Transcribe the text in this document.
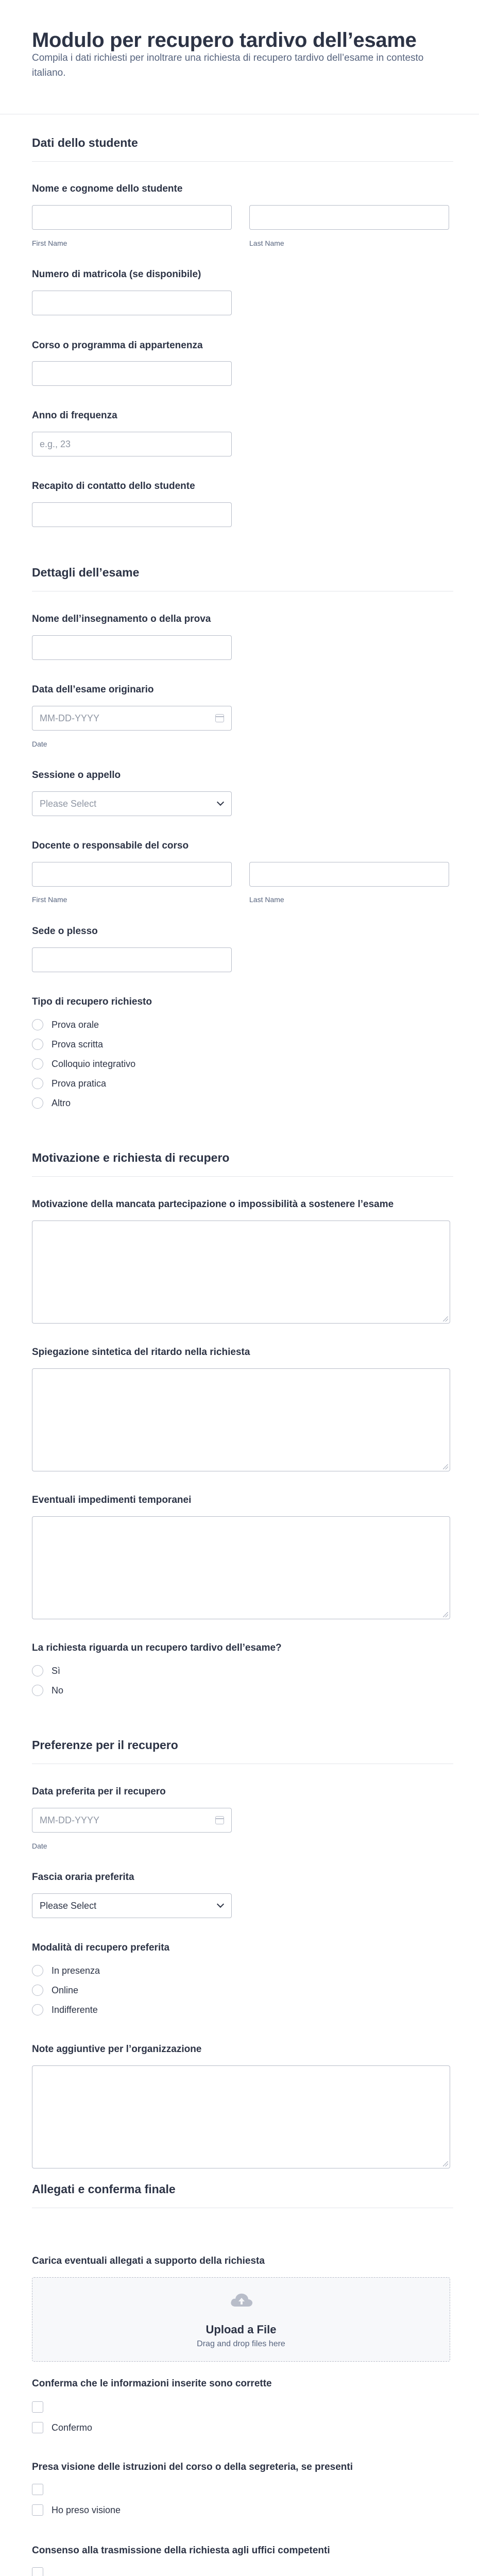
Modulo per recupero tardivo dell’esame

Compila i dati richiesti per inoltrare una richiesta di recupero tardivo dell’esame in contesto italiano.

Dati dello studente
Nome e cognome dello studente
First Name	Last Name
Numero di matricola (se disponibile)
Corso o programma di appartenenza
Anno di frequenza
e.g., 23
Recapito di contatto dello studente
Dettagli dell’esame
Nome dell’insegnamento o della prova
Data dell’esame originario
MM-DD-YYYY
Date
Sessione o appello
Please Select
Docente o responsabile del corso
First Name	Last Name
Sede o plesso
Tipo di recupero richiesto
Prova orale
Prova scritta
Colloquio integrativo
Prova pratica
Altro
Motivazione e richiesta di recupero
Motivazione della mancata partecipazione o impossibilità a sostenere l’esame
Spiegazione sintetica del ritardo nella richiesta
Eventuali impedimenti temporanei
La richiesta riguarda un recupero tardivo dell’esame?
Sì
No
Preferenze per il recupero
Data preferita per il recupero
MM-DD-YYYY
Date
Fascia oraria preferita
Please Select
Modalità di recupero preferita
In presenza
Online
Indifferente
Note aggiuntive per l’organizzazione
Allegati e conferma finale
Carica eventuali allegati a supporto della richiesta
Upload a File
Drag and drop files here
Conferma che le informazioni inserite sono corrette
Confermo
Presa visione delle istruzioni del corso o della segreteria, se presenti
Ho preso visione
Consenso alla trasmissione della richiesta agli uffici competenti
